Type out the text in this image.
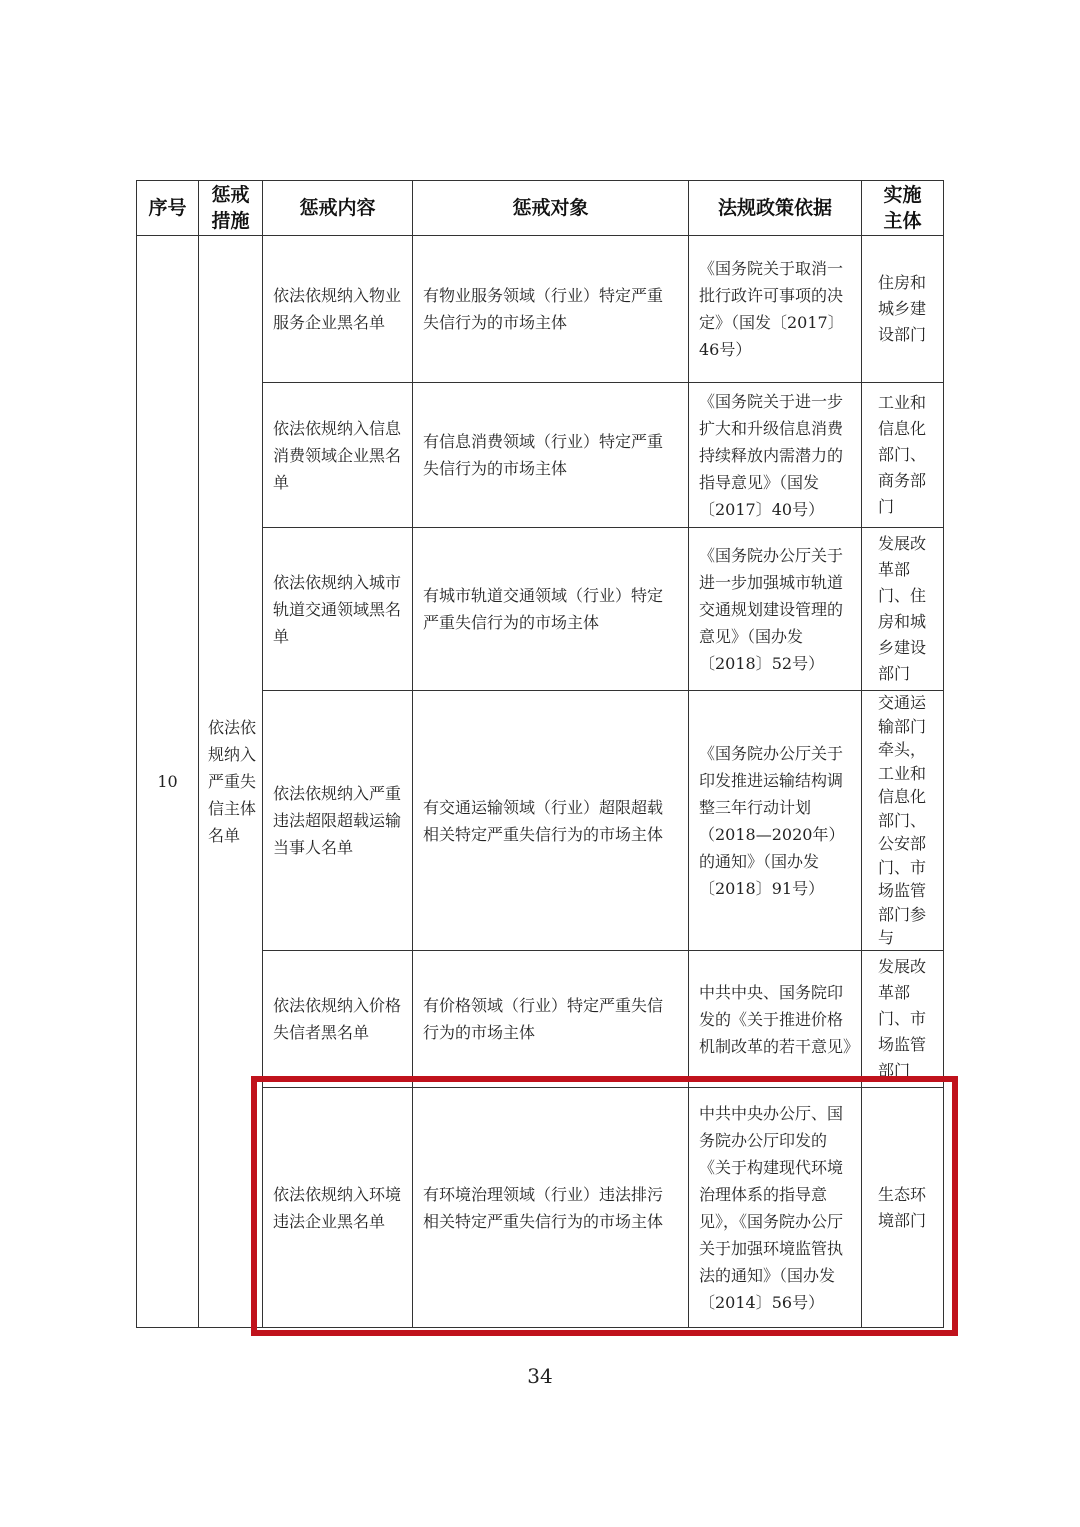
序号	惩戒措施	惩戒内容	惩戒对象	法规政策依据	实施主体
10	依法依规纳入严重失信主体名单	依法依规纳入物业服务企业黑名单	有物业服务领域（行业）特定严重失信行为的市场主体	《国务院关于取消一批行政许可事项的决定》（国发〔2017〕46号）	住房和城乡建设部门
		依法依规纳入信息消费领域企业黑名单	有信息消费领域（行业）特定严重失信行为的市场主体	《国务院关于进一步扩大和升级信息消费持续释放内需潜力的指导意见》（国发〔2017〕40号）	工业和信息化部门、商务部门
		依法依规纳入城市轨道交通领域黑名单	有城市轨道交通领域（行业）特定严重失信行为的市场主体	《国务院办公厅关于进一步加强城市轨道交通规划建设管理的意见》（国办发〔2018〕52号）	发展改革部门、住房和城乡建设部门
		依法依规纳入严重违法超限超载运输当事人名单	有交通运输领域（行业）超限超载相关特定严重失信行为的市场主体	《国务院办公厅关于印发推进运输结构调整三年行动计划（2018—2020年）的通知》（国办发〔2018〕91号）	交通运输部门牵头，工业和信息化部门、公安部门、市场监管部门参与
		依法依规纳入价格失信者黑名单	有价格领域（行业）特定严重失信行为的市场主体	中共中央、国务院印发的《关于推进价格机制改革的若干意见》	发展改革部门、市场监管部门
		依法依规纳入环境违法企业黑名单	有环境治理领域（行业）违法排污相关特定严重失信行为的市场主体	中共中央办公厅、国务院办公厅印发的《关于构建现代环境治理体系的指导意见》，《国务院办公厅关于加强环境监管执法的通知》（国办发〔2014〕56号）	生态环境部门
34
